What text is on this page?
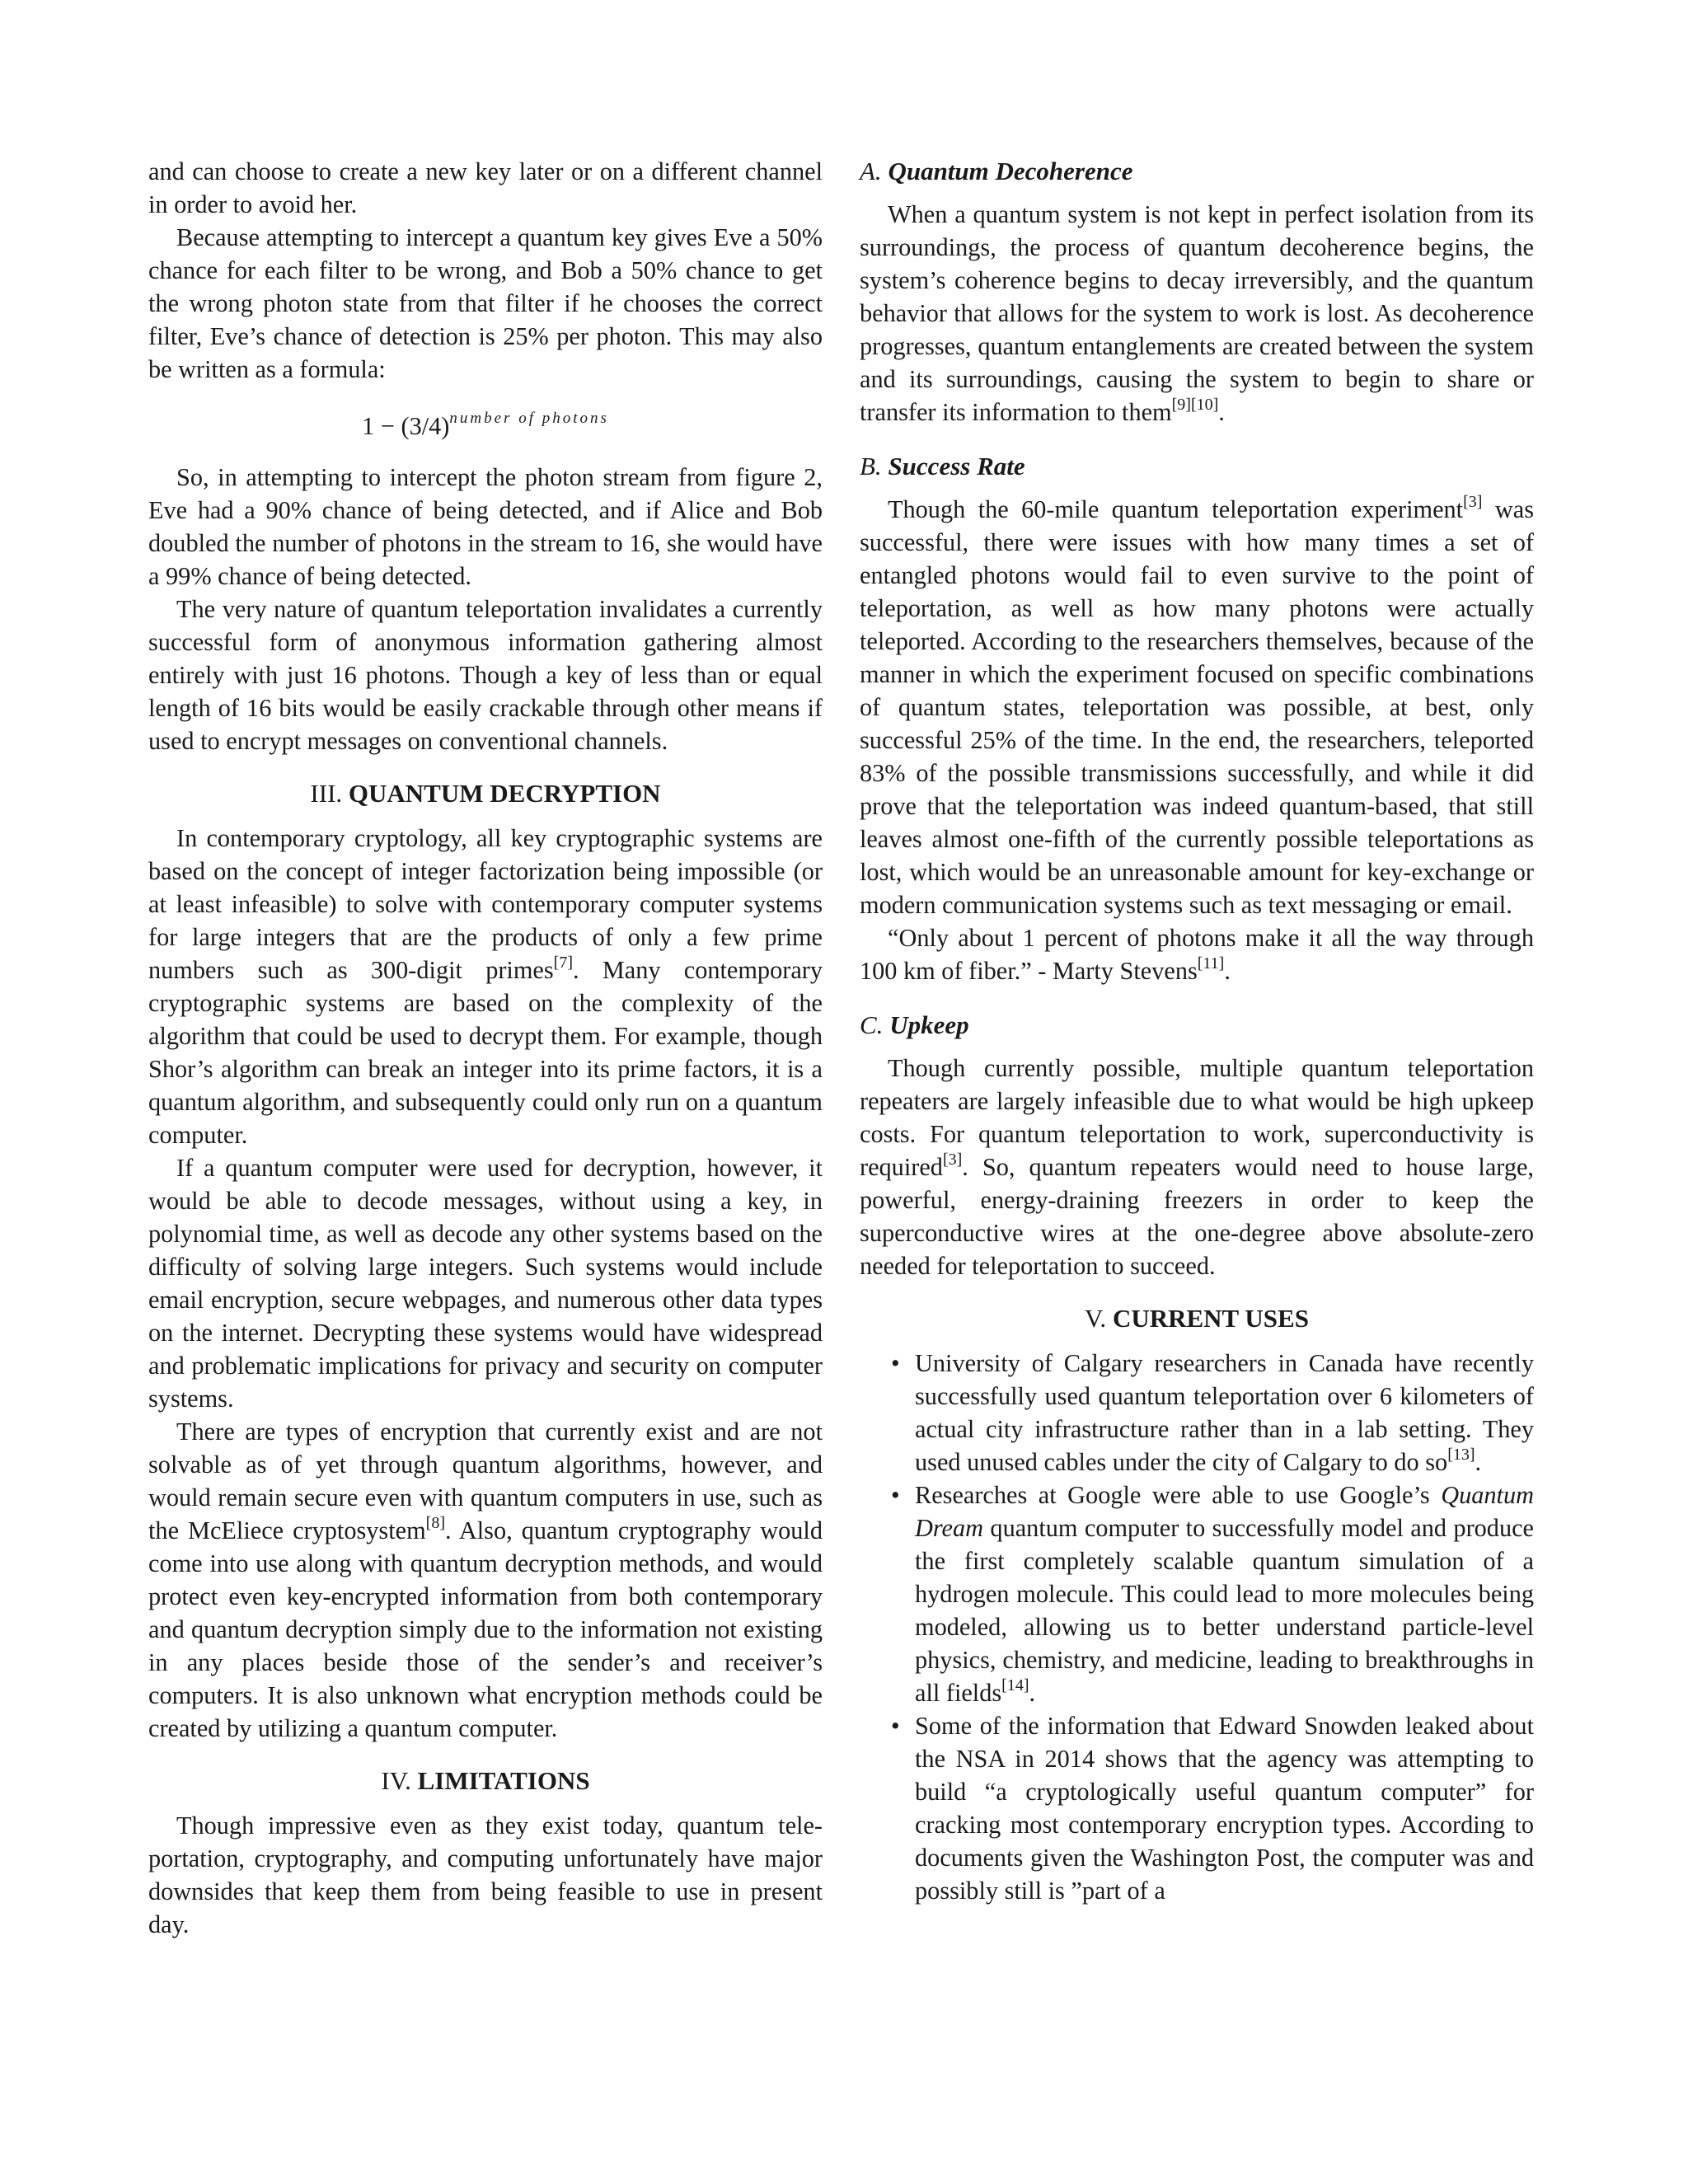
and can choose to create a new key later or on a different channel in order to avoid her.

Because attempting to intercept a quantum key gives Eve a 50% chance for each filter to be wrong, and Bob a 50% chance to get the wrong photon state from that filter if he chooses the correct filter, Eve’s chance of detection is 25% per photon. This may also be written as a formula:

$1 - (3/4)^{number of photons}$

So, in attempting to intercept the photon stream from figure 2, Eve had a 90% chance of being detected, and if Alice and Bob doubled the number of photons in the stream to 16, she would have a 99% chance of being detected.

The very nature of quantum teleportation invalidates a currently successful form of anonymous information gathering almost entirely with just 16 photons. Though a key of less than or equal length of 16 bits would be easily crackable through other means if used to encrypt messages on conventional channels.

III. QUANTUM DECRYPTION

In contemporary cryptology, all key cryptographic systems are based on the concept of integer factorization being impossible (or at least infeasible) to solve with contemporary computer systems for large integers that are the products of only a few prime numbers such as 300-digit primes[7]. Many contemporary cryptographic systems are based on the complexity of the algorithm that could be used to decrypt them. For example, though Shor’s algorithm can break an integer into its prime factors, it is a quantum algorithm, and subsequently could only run on a quantum computer.

If a quantum computer were used for decryption, however, it would be able to decode messages, without using a key, in polynomial time, as well as decode any other systems based on the difficulty of solving large integers. Such systems would include email encryption, secure webpages, and numerous other data types on the internet. Decrypting these systems would have widespread and problematic implications for privacy and security on computer systems.

There are types of encryption that currently exist and are not solvable as of yet through quantum algorithms, however, and would remain secure even with quantum computers in use, such as the McEliece cryptosystem[8]. Also, quantum cryptography would come into use along with quantum decryption methods, and would protect even key-encrypted information from both contemporary and quantum decryption simply due to the information not existing in any places beside those of the sender’s and receiver’s computers. It is also unknown what encryption methods could be created by utilizing a quantum computer.

IV. LIMITATIONS

Though impressive even as they exist today, quantum teleportation, cryptography, and computing unfortunately have major downsides that keep them from being feasible to use in present day.

A. Quantum Decoherence

When a quantum system is not kept in perfect isolation from its surroundings, the process of quantum decoherence begins, the system’s coherence begins to decay irreversibly, and the quantum behavior that allows for the system to work is lost. As decoherence progresses, quantum entanglements are created between the system and its surroundings, causing the system to begin to share or transfer its information to them[9][10].

B. Success Rate

Though the 60-mile quantum teleportation experiment[3] was successful, there were issues with how many times a set of entangled photons would fail to even survive to the point of teleportation, as well as how many photons were actually teleported. According to the researchers themselves, because of the manner in which the experiment focused on specific combinations of quantum states, teleportation was possible, at best, only successful 25% of the time. In the end, the researchers, teleported 83% of the possible transmissions successfully, and while it did prove that the teleportation was indeed quantum-based, that still leaves almost one-fifth of the currently possible teleportations as lost, which would be an unreasonable amount for key-exchange or modern communication systems such as text messaging or email.

“Only about 1 percent of photons make it all the way through 100 km of fiber.” - Marty Stevens[11].

C. Upkeep

Though currently possible, multiple quantum teleportation repeaters are largely infeasible due to what would be high upkeep costs. For quantum teleportation to work, superconductivity is required[3]. So, quantum repeaters would need to house large, powerful, energy-draining freezers in order to keep the superconductive wires at the one-degree above absolute-zero needed for teleportation to succeed.

V. CURRENT USES
• University of Calgary researchers in Canada have recently successfully used quantum teleportation over 6 kilometers of actual city infrastructure rather than in a lab setting. They used unused cables under the city of Calgary to do so[13].
• Researches at Google were able to use Google’s Quantum Dream quantum computer to successfully model and produce the first completely scalable quantum simulation of a hydrogen molecule. This could lead to more molecules being modeled, allowing us to better understand particle-level physics, chemistry, and medicine, leading to breakthroughs in all fields[14].
• Some of the information that Edward Snowden leaked about the NSA in 2014 shows that the agency was attempting to build “a cryptologically useful quantum computer” for cracking most contemporary encryption types. According to documents given the Washington Post, the computer was and possibly still is ”part of a
